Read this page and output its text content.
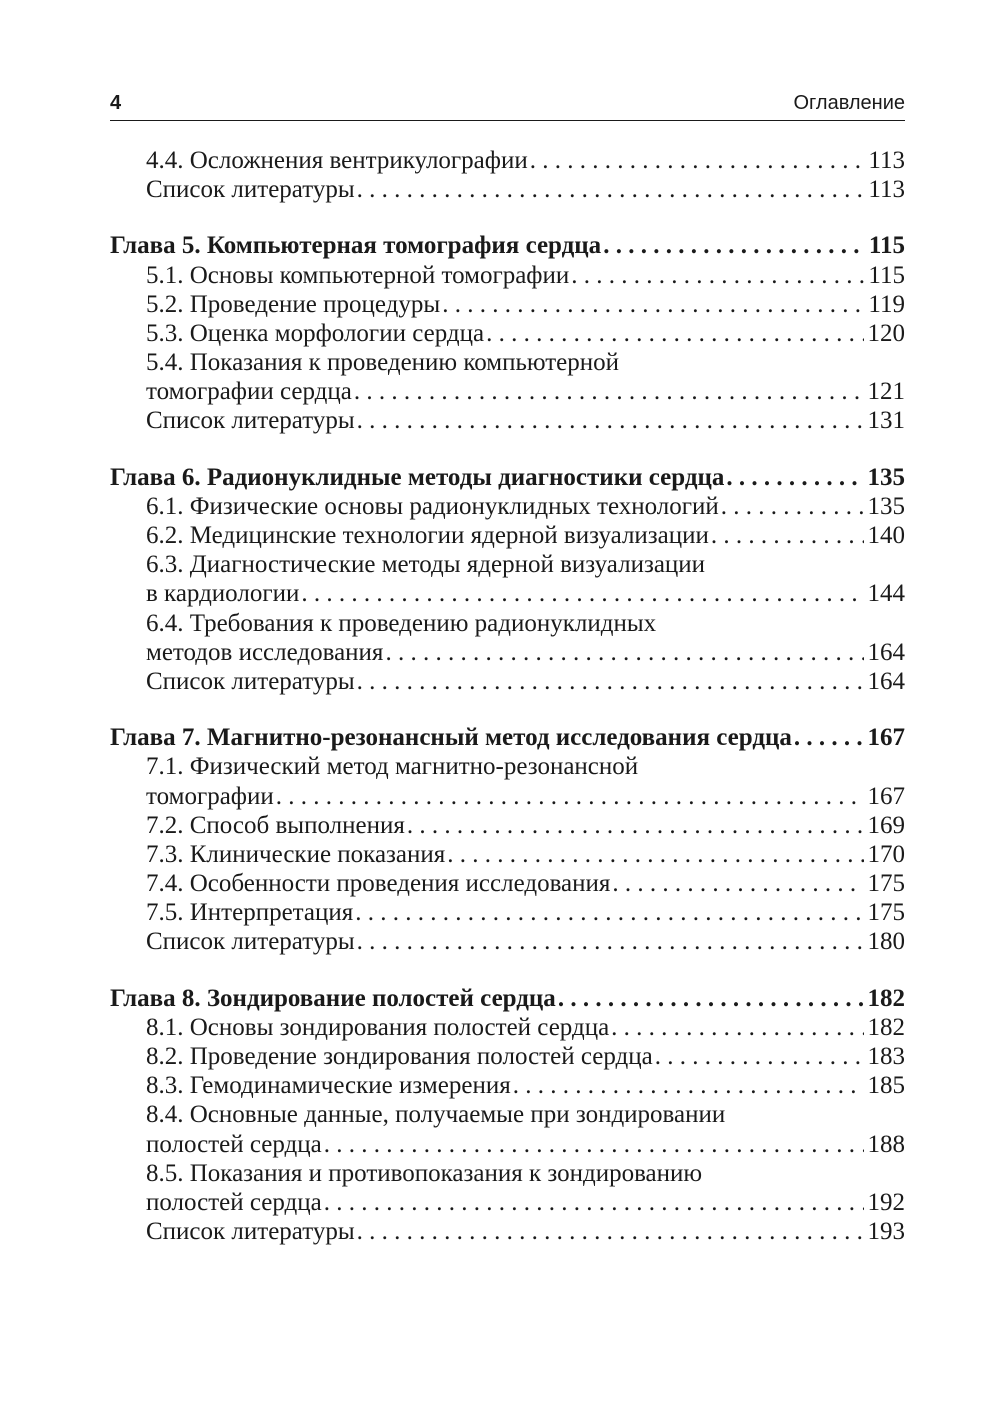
4	Оглавление
4.4. Осложнения вентрикулографии . . .	113
Список литературы . . .	113
Глава 5. Компьютерная томография сердца . . .	115
5.1. Основы компьютерной томографии . . .	115
5.2. Проведение процедуры . . .	119
5.3. Оценка морфологии сердца . . .	120
5.4. Показания к проведению компьютерной
томографии сердца . . .	121
Список литературы . . .	131
Глава 6. Радионуклидные методы диагностики сердца . . .	135
6.1. Физические основы радионуклидных технологий . . .	135
6.2. Медицинские технологии ядерной визуализации . . .	140
6.3. Диагностические методы ядерной визуализации
в кардиологии . . .	144
6.4. Требования к проведению радионуклидных
методов исследования . . .	164
Список литературы . . .	164
Глава 7. Магнитно-резонансный метод исследования сердца . . .	167
7.1. Физический метод магнитно-резонансной
томографии . . .	167
7.2. Способ выполнения . . .	169
7.3. Клинические показания . . .	170
7.4. Особенности проведения исследования . . .	175
7.5. Интерпретация . . .	175
Список литературы . . .	180
Глава 8. Зондирование полостей сердца . . .	182
8.1. Основы зондирования полостей сердца . . .	182
8.2. Проведение зондирования полостей сердца . . .	183
8.3. Гемодинамические измерения . . .	185
8.4. Основные данные, получаемые при зондировании
полостей сердца . . .	188
8.5. Показания и противопоказания к зондированию
полостей сердца . . .	192
Список литературы . . .	193
